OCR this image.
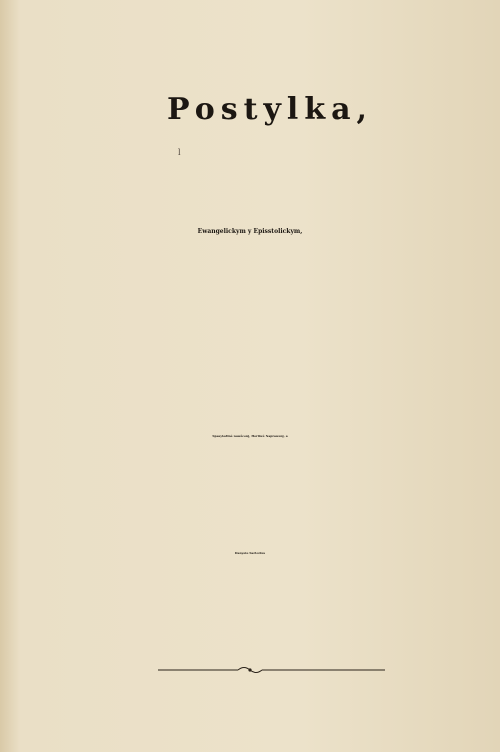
Postylka,
l
Ewangelickym y Episstolickym,
Spasytedlné nawěcenj, Horliwé Naprawenj, a
Danyele Sartorius
